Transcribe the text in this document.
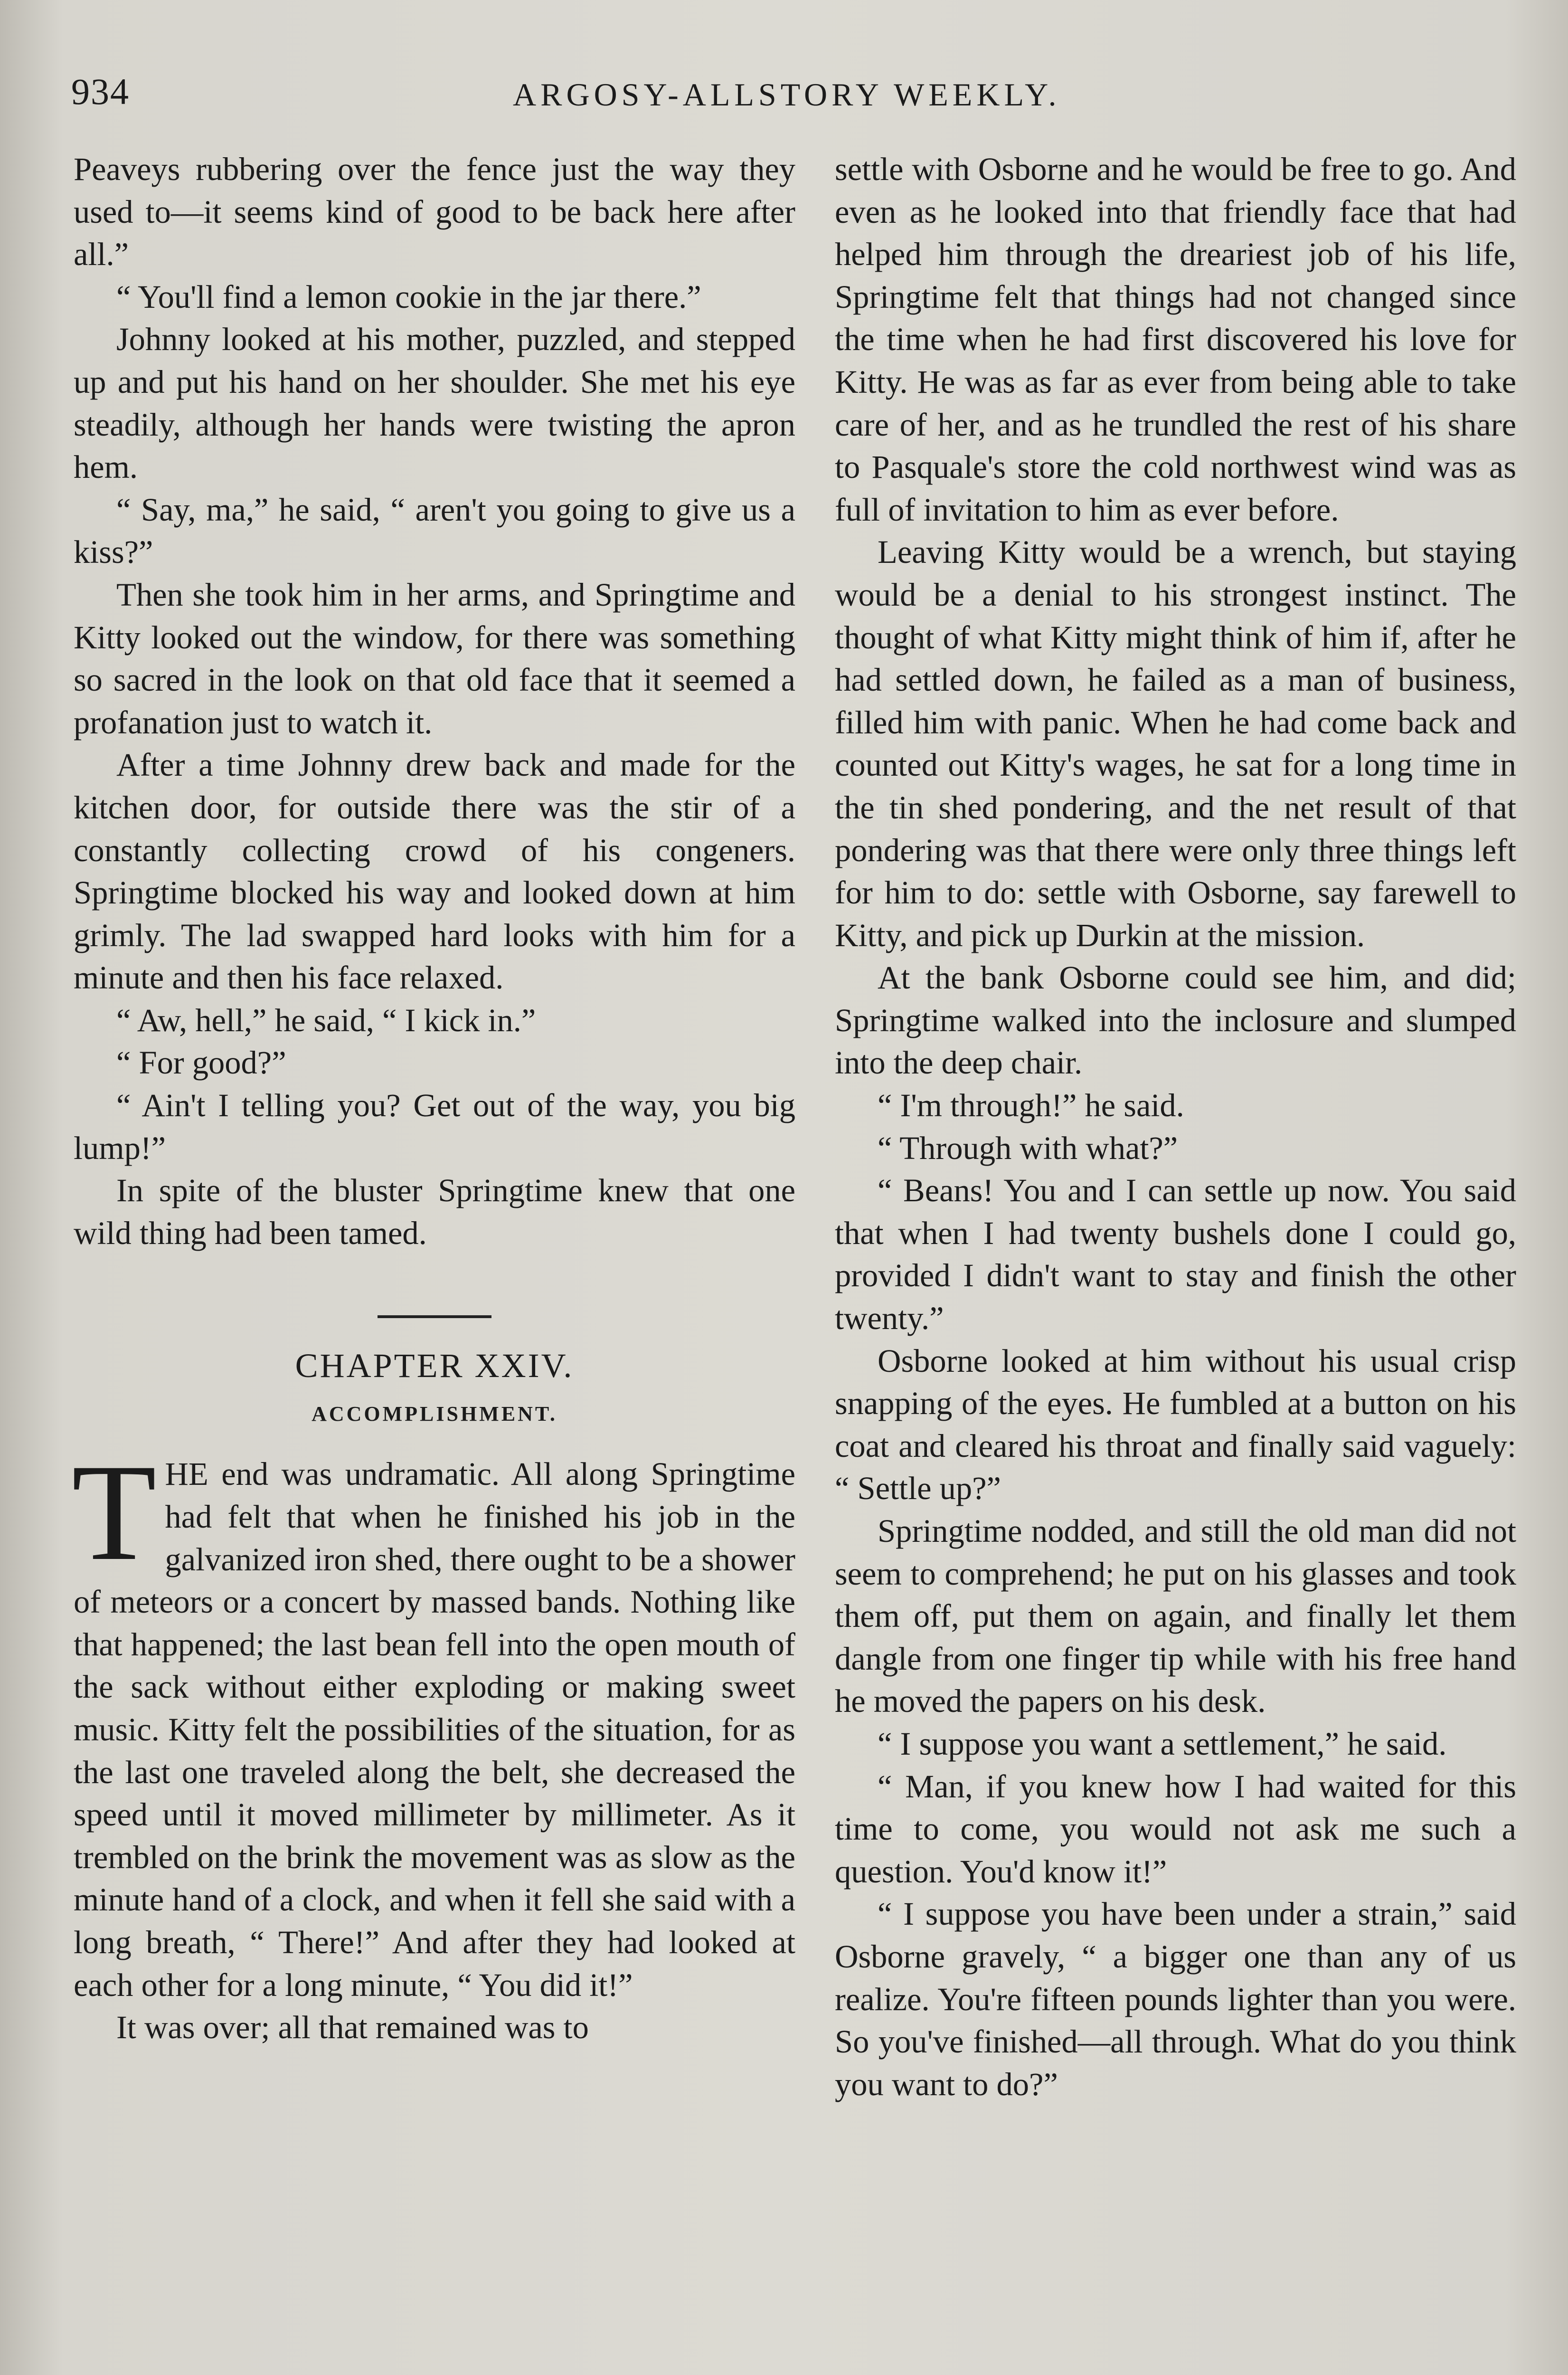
934	ARGOSY-ALLSTORY WEEKLY.

Peaveys rubbering over the fence just the way they used to—it seems kind of good to be back here after all.”

“ You'll find a lemon cookie in the jar there.”

Johnny looked at his mother, puzzled, and stepped up and put his hand on her shoulder. She met his eye steadily, although her hands were twisting the apron hem.

“ Say, ma,” he said, “ aren't you going to give us a kiss?”

Then she took him in her arms, and Springtime and Kitty looked out the window, for there was something so sacred in the look on that old face that it seemed a profanation just to watch it.

After a time Johnny drew back and made for the kitchen door, for outside there was the stir of a constantly collecting crowd of his congeners. Springtime blocked his way and looked down at him grimly. The lad swapped hard looks with him for a minute and then his face relaxed.

“ Aw, hell,” he said, “ I kick in.”

“ For good?”

“ Ain't I telling you? Get out of the way, you big lump!”

In spite of the bluster Springtime knew that one wild thing had been tamed.

CHAPTER XXIV.
ACCOMPLISHMENT.

THE end was undramatic. All along Springtime had felt that when he finished his job in the galvanized iron shed, there ought to be a shower of meteors or a concert by massed bands. Nothing like that happened; the last bean fell into the open mouth of the sack without either exploding or making sweet music. Kitty felt the possibilities of the situation, for as the last one traveled along the belt, she decreased the speed until it moved millimeter by millimeter. As it trembled on the brink the movement was as slow as the minute hand of a clock, and when it fell she said with a long breath, “ There!” And after they had looked at each other for a long minute, “ You did it!”

It was over; all that remained was to

settle with Osborne and he would be free to go. And even as he looked into that friendly face that had helped him through the dreariest job of his life, Springtime felt that things had not changed since the time when he had first discovered his love for Kitty. He was as far as ever from being able to take care of her, and as he trundled the rest of his share to Pasquale's store the cold northwest wind was as full of invitation to him as ever before.

Leaving Kitty would be a wrench, but staying would be a denial to his strongest instinct. The thought of what Kitty might think of him if, after he had settled down, he failed as a man of business, filled him with panic. When he had come back and counted out Kitty's wages, he sat for a long time in the tin shed pondering, and the net result of that pondering was that there were only three things left for him to do: settle with Osborne, say farewell to Kitty, and pick up Durkin at the mission.

At the bank Osborne could see him, and did; Springtime walked into the inclosure and slumped into the deep chair.

“ I'm through!” he said.

“ Through with what?”

“ Beans! You and I can settle up now. You said that when I had twenty bushels done I could go, provided I didn't want to stay and finish the other twenty.”

Osborne looked at him without his usual crisp snapping of the eyes. He fumbled at a button on his coat and cleared his throat and finally said vaguely: “ Settle up?”

Springtime nodded, and still the old man did not seem to comprehend; he put on his glasses and took them off, put them on again, and finally let them dangle from one finger tip while with his free hand he moved the papers on his desk.

“ I suppose you want a settlement,” he said.

“ Man, if you knew how I had waited for this time to come, you would not ask me such a question. You'd know it!”

“ I suppose you have been under a strain,” said Osborne gravely, “ a bigger one than any of us realize. You're fifteen pounds lighter than you were. So you've finished—all through. What do you think you want to do?”
